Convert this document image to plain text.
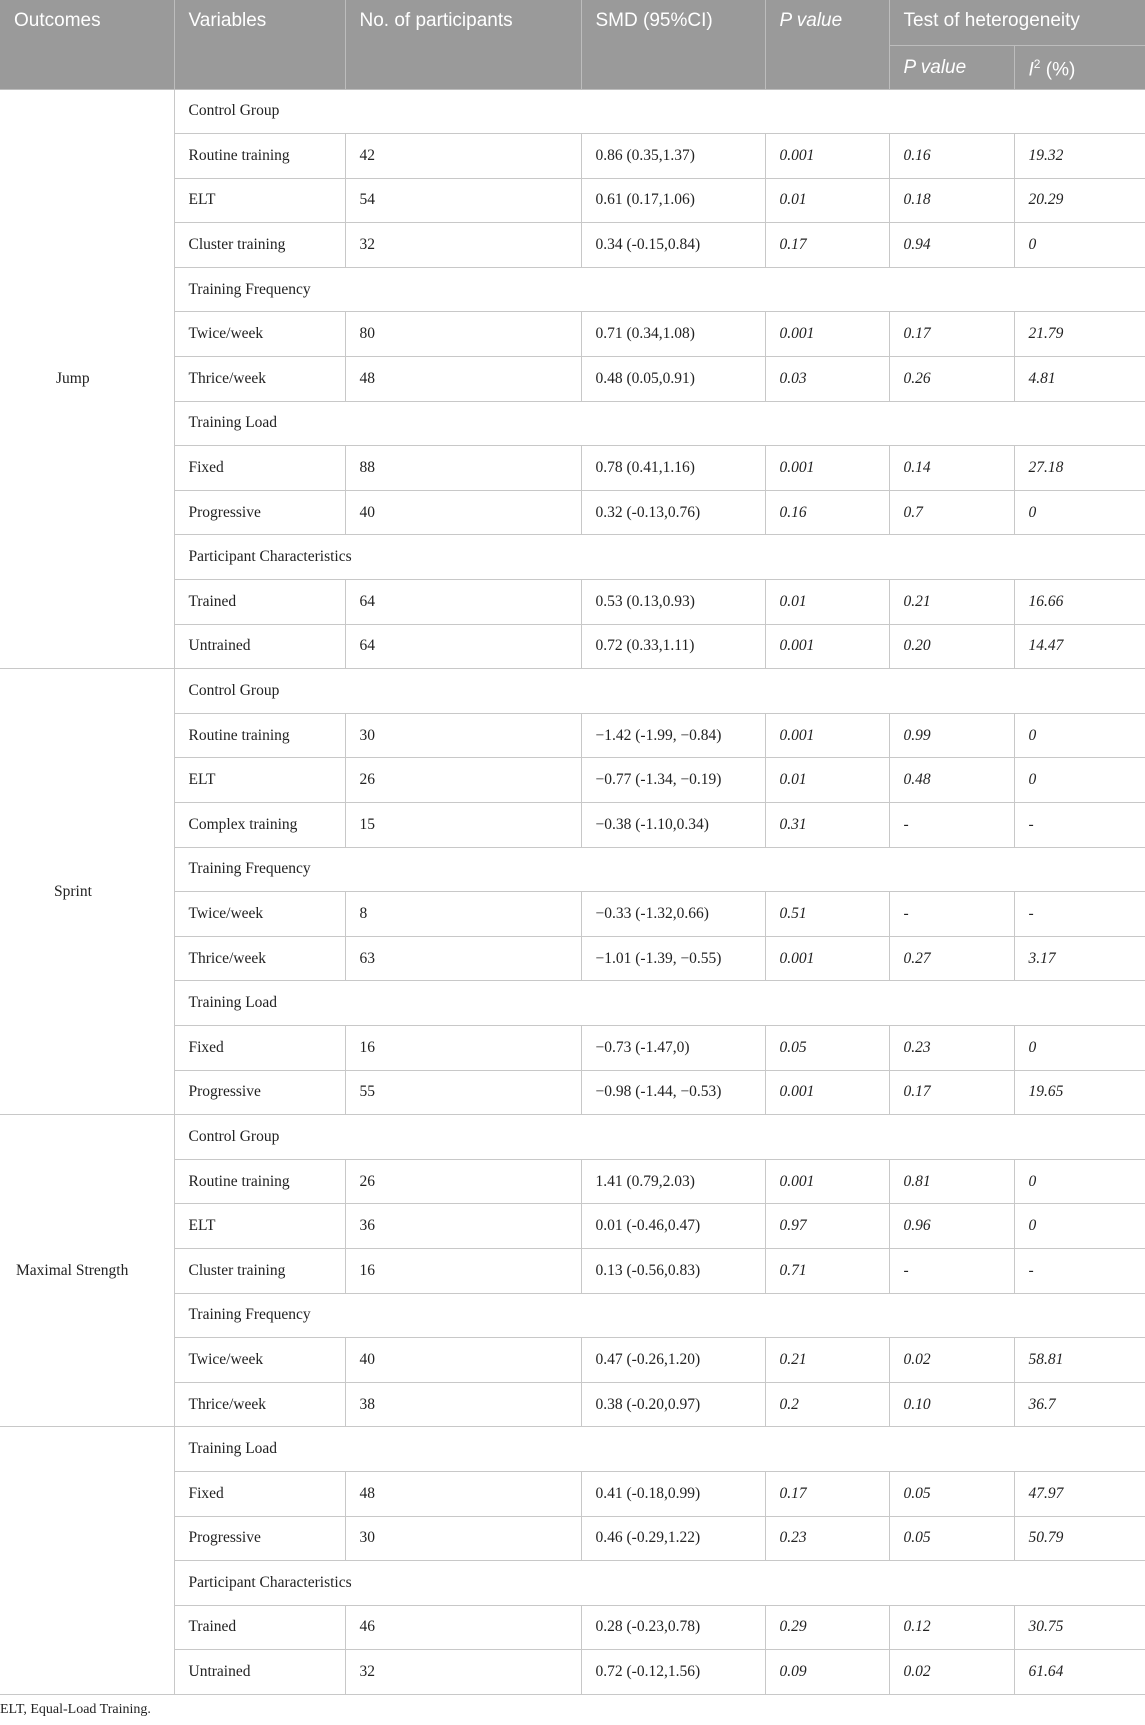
Outcomes	Variables	No. of participants	SMD (95%CI)	P value	Test of heterogeneity	
					P value	$I^2$ (%)

Jump	Control Group					
	Routine training	42	0.86 (0.35,1.37)	0.001	0.16	19.32
	ELT	54	0.61 (0.17,1.06)	0.01	0.18	20.29
	Cluster training	32	0.34 (-0.15,0.84)	0.17	0.94	0
	Training Frequency					
	Twice/week	80	0.71 (0.34,1.08)	0.001	0.17	21.79
	Thrice/week	48	0.48 (0.05,0.91)	0.03	0.26	4.81
	Training Load					
	Fixed	88	0.78 (0.41,1.16)	0.001	0.14	27.18
	Progressive	40	0.32 (-0.13,0.76)	0.16	0.7	0
	Participant Characteristics					
	Trained	64	0.53 (0.13,0.93)	0.01	0.21	16.66
	Untrained	64	0.72 (0.33,1.11)	0.001	0.20	14.47

Sprint	Control Group					
	Routine training	30	−1.42 (-1.99, −0.84)	0.001	0.99	0
	ELT	26	−0.77 (-1.34, −0.19)	0.01	0.48	0
	Complex training	15	−0.38 (-1.10,0.34)	0.31	-	-
	Training Frequency					
	Twice/week	8	−0.33 (-1.32,0.66)	0.51	-	-
	Thrice/week	63	−1.01 (-1.39, −0.55)	0.001	0.27	3.17
	Training Load					
	Fixed	16	−0.73 (-1.47,0)	0.05	0.23	0
	Progressive	55	−0.98 (-1.44, −0.53)	0.001	0.17	19.65

Maximal Strength	Control Group					
	Routine training	26	1.41 (0.79,2.03)	0.001	0.81	0
	ELT	36	0.01 (-0.46,0.47)	0.97	0.96	0
	Cluster training	16	0.13 (-0.56,0.83)	0.71	-	-
	Training Frequency					
	Twice/week	40	0.47 (-0.26,1.20)	0.21	0.02	58.81
	Thrice/week	38	0.38 (-0.20,0.97)	0.2	0.10	36.7
	Training Load					
	Fixed	48	0.41 (-0.18,0.99)	0.17	0.05	47.97
	Progressive	30	0.46 (-0.29,1.22)	0.23	0.05	50.79
	Participant Characteristics					
	Trained	46	0.28 (-0.23,0.78)	0.29	0.12	30.75
	Untrained	32	0.72 (-0.12,1.56)	0.09	0.02	61.64
ELT, Equal-Load Training.
